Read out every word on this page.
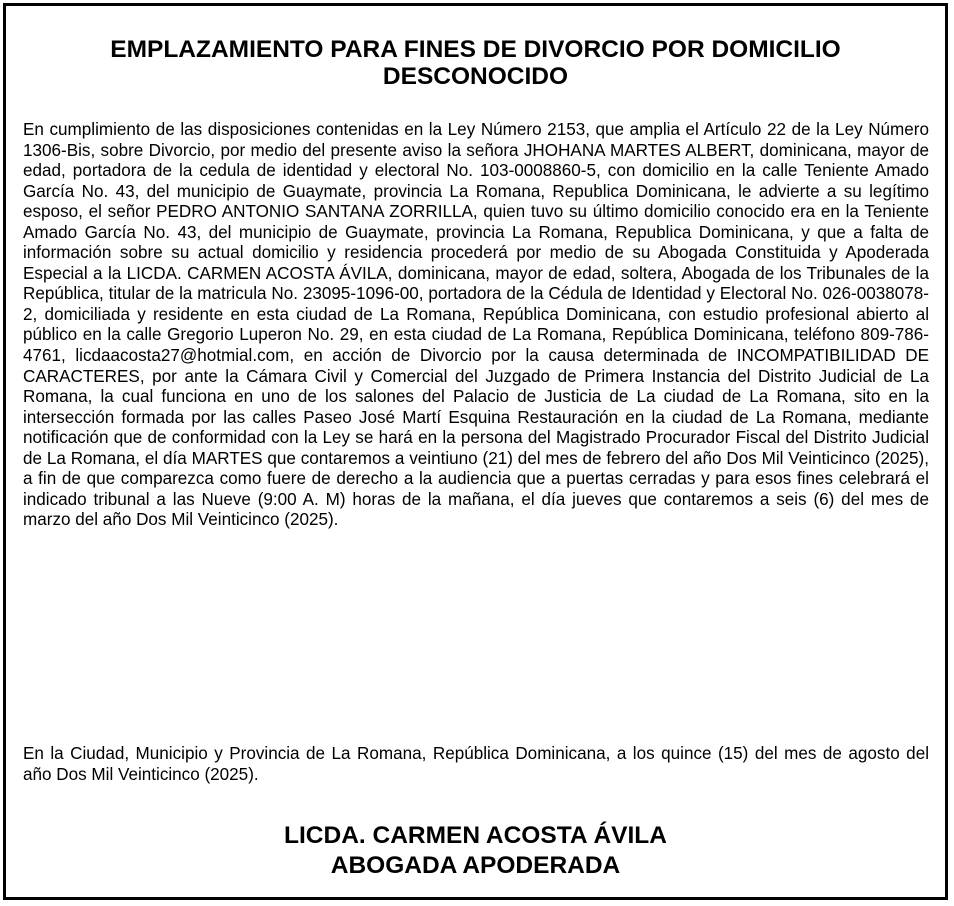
EMPLAZAMIENTO PARA FINES DE DIVORCIO POR DOMICILIO
DESCONOCIDO

En cumplimiento de las disposiciones contenidas en la Ley Número 2153, que amplia el Artículo 22 de la Ley Número 1306-Bis, sobre Divorcio, por medio del presente aviso la señora JHOHANA MARTES ALBERT, dominicana, mayor de edad, portadora de la cedula de identidad y electoral No. 103-0008860-5, con domicilio en la calle Teniente Amado García No. 43, del municipio de Guaymate, provincia La Romana, Republica Dominicana, le advierte a su legítimo esposo, el señor PEDRO ANTONIO SANTANA ZORRILLA, quien tuvo su último domicilio conocido era en la Teniente Amado García No. 43, del municipio de Guaymate, provincia La Romana, Republica Dominicana, y que a falta de información sobre su actual domicilio y residencia procederá por medio de su Abogada Constituida y Apoderada Especial a la LICDA. CARMEN ACOSTA ÁVILA, dominicana, mayor de edad, soltera, Abogada de los Tribunales de la República, titular de la matricula No. 23095-1096-00, portadora de la Cédula de Identidad y Electoral No. 026-0038078-2, domiciliada y residente en esta ciudad de La Romana, República Dominicana, con estudio profesional abierto al público en la calle Gregorio Luperon No. 29, en esta ciudad de La Romana, República Dominicana, teléfono 809-786-4761, licdaacosta27@hotmial.com, en acción de Divorcio por la causa determinada de INCOMPATIBILIDAD DE CARACTERES, por ante la Cámara Civil y Comercial del Juzgado de Primera Instancia del Distrito Judicial de La Romana, la cual funciona en uno de los salones del Palacio de Justicia de La ciudad de La Romana, sito en la intersección formada por las calles Paseo José Martí Esquina Restauración en la ciudad de La Romana, mediante notificación que de conformidad con la Ley se hará en la persona del Magistrado Procurador Fiscal del Distrito Judicial de La Romana, el día MARTES que contaremos a veintiuno (21) del mes de febrero del año Dos Mil Veinticinco (2025), a fin de que comparezca como fuere de derecho a la audiencia que a puertas cerradas y para esos fines celebrará el indicado tribunal a las Nueve (9:00 A. M) horas de la mañana, el día jueves que contaremos a seis (6) del mes de marzo del año Dos Mil Veinticinco (2025).

En la Ciudad, Municipio y Provincia de La Romana, República Dominicana, a los quince (15) del mes de agosto del año Dos Mil Veinticinco (2025).

LICDA. CARMEN ACOSTA ÁVILA

ABOGADA APODERADA
